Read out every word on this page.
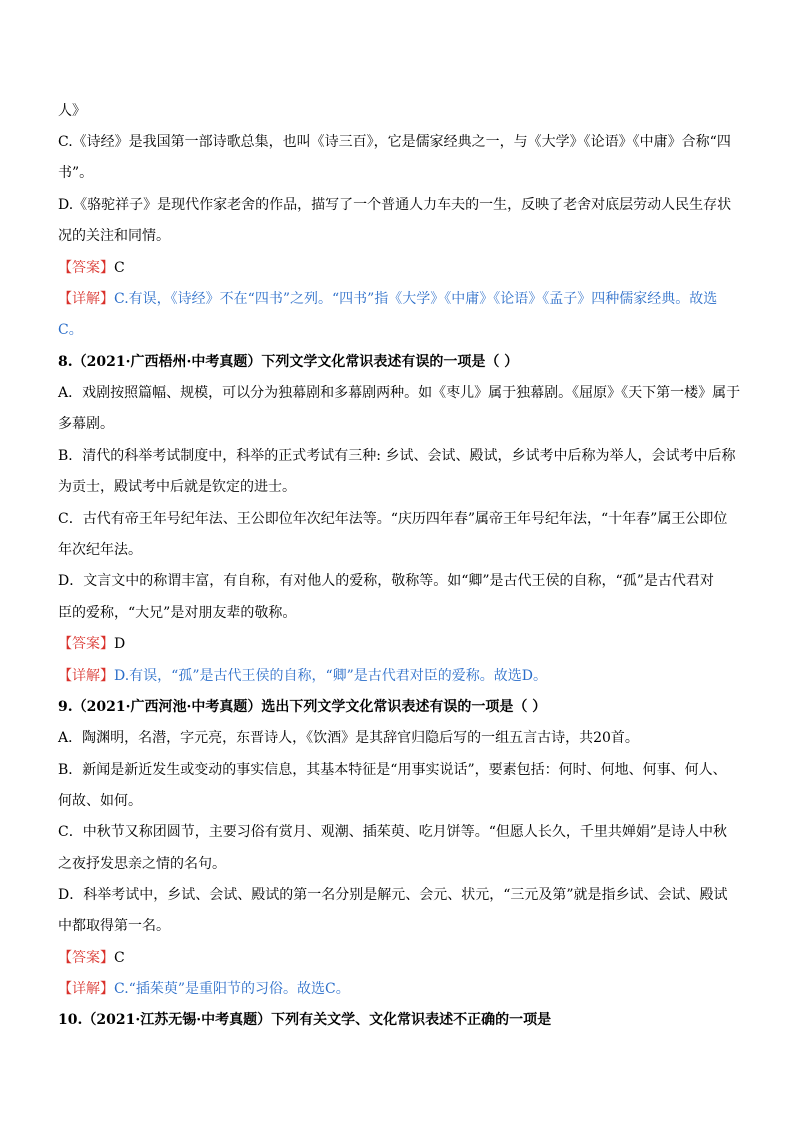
人》
C.《诗经》是我国第一部诗歌总集，也叫《诗三百》，它是儒家经典之一，与《大学》《论语》《中庸》合称“四
书”。
D.《骆驼祥子》是现代作家老舍的作品，描写了一个普通人力车夫的一生，反映了老舍对底层劳动人民生存状
况的关注和同情。
【答案】C
【详解】C.有误，《诗经》不在“四书”之列。“四书”指《大学》《中庸》《论语》《孟子》四种儒家经典。故选
C。
8.（2021·广西梧州·中考真题）下列文学文化常识表述有误的一项是（ ）
A．戏剧按照篇幅、规模，可以分为独幕剧和多幕剧两种。如《枣儿》属于独幕剧。《屈原》《天下第一楼》属于
多幕剧。
B．清代的科举考试制度中，科举的正式考试有三种: 乡试、会试、殿试，乡试考中后称为举人，会试考中后称
为贡士，殿试考中后就是钦定的进士。
C．古代有帝王年号纪年法、王公即位年次纪年法等。“庆历四年春”属帝王年号纪年法，“十年春”属王公即位
年次纪年法。
D．文言文中的称谓丰富，有自称，有对他人的爱称，敬称等。如“卿”是古代王侯的自称，“孤”是古代君对
臣的爱称，“大兄”是对朋友辈的敬称。
【答案】D
【详解】D.有误，“孤”是古代王侯的自称，“卿”是古代君对臣的爱称。故选D。
9.（2021·广西河池·中考真题）选出下列文学文化常识表述有误的一项是（ ）
A．陶渊明，名潜，字元亮，东晋诗人，《饮酒》是其辞官归隐后写的一组五言古诗，共20首。
B．新闻是新近发生或变动的事实信息，其基本特征是“用事实说话”，要素包括：何时、何地、何事、何人、
何故、如何。
C．中秋节又称团圆节，主要习俗有赏月、观潮、插茱萸、吃月饼等。“但愿人长久，千里共婵娟”是诗人中秋
之夜抒发思亲之情的名句。
D．科举考试中，乡试、会试、殿试的第一名分别是解元、会元、状元，“三元及第”就是指乡试、会试、殿试
中都取得第一名。
【答案】C
【详解】C.“插茱萸”是重阳节的习俗。故选C。
10.（2021·江苏无锡·中考真题）下列有关文学、文化常识表述不正确的一项是
